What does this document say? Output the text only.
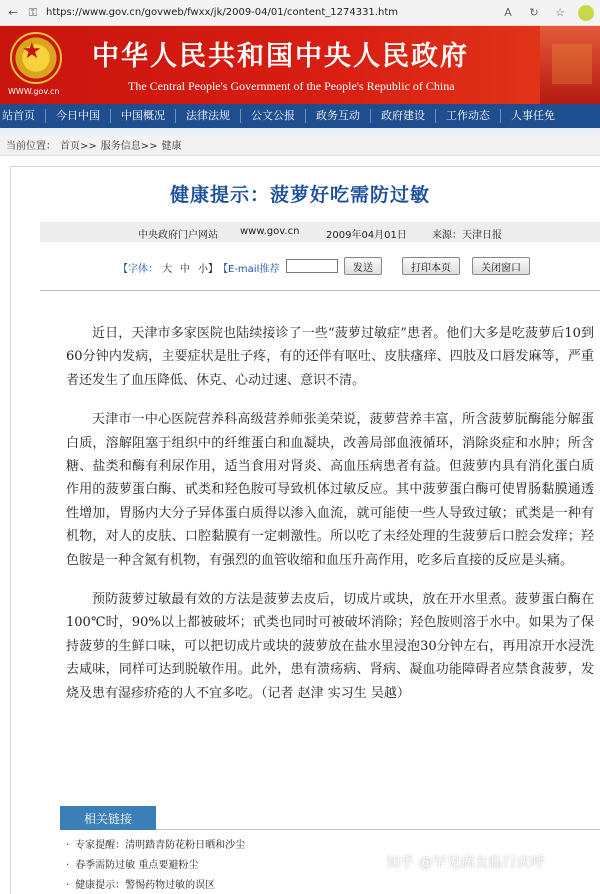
← ⚿ https://www.gov.cn/govweb/fwxx/jk/2009-04/01/content_1274331.htm	A	↻	☆
★
WWW.gov.cn
中华人民共和国中央人民政府
The Central People's Government of the People's Republic of China
站首页	今日中国	中国概况	法律法规	公文公报	政务互动	政府建设	工作动态	人事任免
当前位置： 首页>> 服务信息>> 健康
健康提示：菠萝好吃需防过敏
中央政府门户网站 www.gov.cn	2009年04月01日	来源：天津日报
【字体： 大 中 小】 【E-mail推荐	发送	打印本页	关闭窗口

近日，天津市多家医院也陆续接诊了一些“菠萝过敏症”患者。他们大多是吃菠萝后10到60分钟内发病，主要症状是肚子疼，有的还伴有呕吐、皮肤瘙痒、四肢及口唇发麻等，严重者还发生了血压降低、休克、心动过速、意识不清。

天津市一中心医院营养科高级营养师张美荣说，菠萝营养丰富，所含菠萝朊酶能分解蛋白质，溶解阻塞于组织中的纤维蛋白和血凝块，改善局部血液循环，消除炎症和水肿；所含糖、盐类和酶有利尿作用，适当食用对肾炎、高血压病患者有益。但菠萝内具有消化蛋白质作用的菠萝蛋白酶、甙类和羟色胺可导致机体过敏反应。其中菠萝蛋白酶可使胃肠黏膜通透性增加，胃肠内大分子异体蛋白质得以渗入血流，就可能使一些人导致过敏；甙类是一种有机物，对人的皮肤、口腔黏膜有一定刺激性。所以吃了未经处理的生菠萝后口腔会发痒；羟色胺是一种含氮有机物，有强烈的血管收缩和血压升高作用，吃多后直接的反应是头痛。

预防菠萝过敏最有效的方法是菠萝去皮后，切成片或块，放在开水里煮。菠萝蛋白酶在100℃时，90%以上都被破坏；甙类也同时可被破坏消除；羟色胺则溶于水中。如果为了保持菠萝的生鲜口味，可以把切成片或块的菠萝放在盐水里浸泡30分钟左右，再用凉开水浸洗去咸味，同样可达到脱敏作用。此外，患有溃疡病、肾病、凝血功能障碍者应禁食菠萝，发烧及患有湿疹疥疮的人不宜多吃。（记者 赵津 实习生 吴越）

相关链接
· 专家提醒：清明踏青防花粉日晒和沙尘
· 春季需防过敏 重点要避粉尘
· 健康提示：警惕药物过敏的误区
知乎 @罕见病友临行庆呼
